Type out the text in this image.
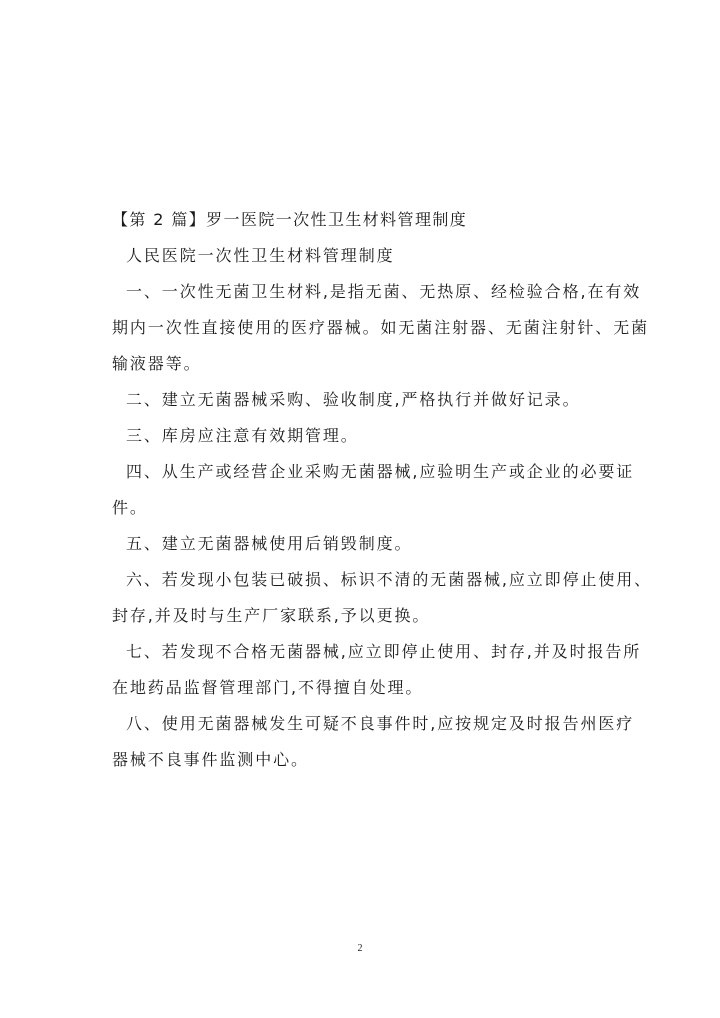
【第 2 篇】罗一医院一次性卫生材料管理制度
人民医院一次性卫生材料管理制度
一、一次性无菌卫生材料,是指无菌、无热原、经检验合格,在有效
期内一次性直接使用的医疗器械。如无菌注射器、无菌注射针、无菌
输液器等。
二、建立无菌器械采购、验收制度,严格执行并做好记录。
三、库房应注意有效期管理。
四、从生产或经营企业采购无菌器械,应验明生产或企业的必要证
件。
五、建立无菌器械使用后销毁制度。
六、若发现小包装已破损、标识不清的无菌器械,应立即停止使用、
封存,并及时与生产厂家联系,予以更换。
七、若发现不合格无菌器械,应立即停止使用、封存,并及时报告所
在地药品监督管理部门,不得擅自处理。
八、使用无菌器械发生可疑不良事件时,应按规定及时报告州医疗
器械不良事件监测中心。
2
